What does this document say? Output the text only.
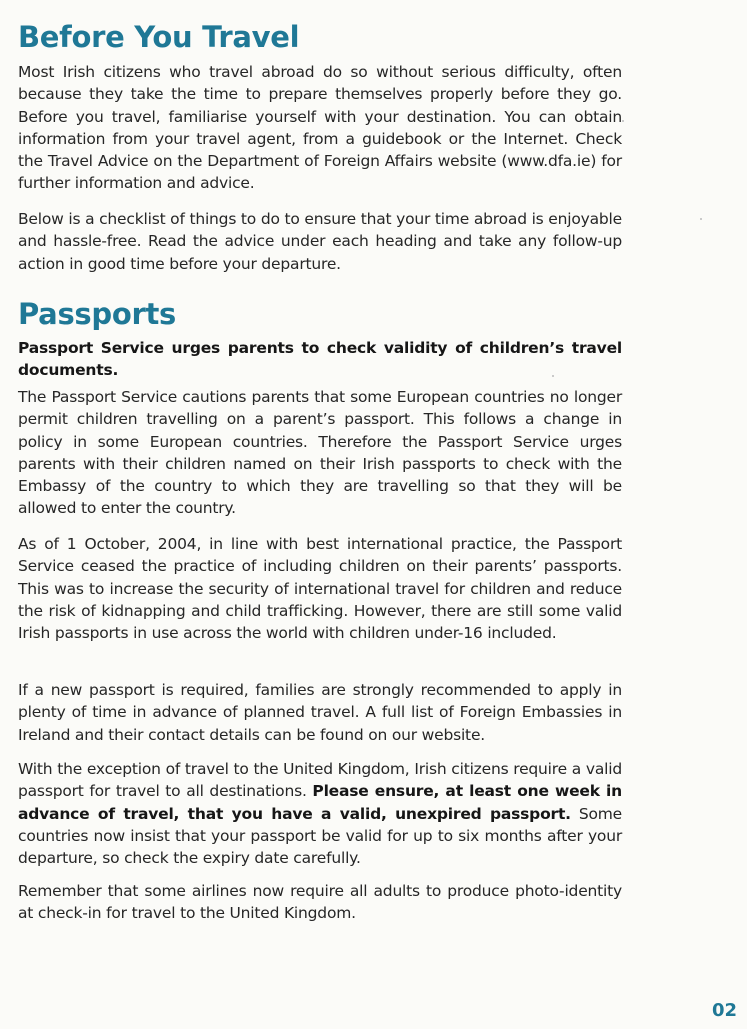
Before You Travel

Most Irish citizens who travel abroad do so without serious difficulty, often because they take the time to prepare themselves properly before they go. Before you travel, familiarise yourself with your destination. You can obtain information from your travel agent, from a guidebook or the Internet. Check the Travel Advice on the Department of Foreign Affairs website (www.dfa.ie) for further information and advice.

Below is a checklist of things to do to ensure that your time abroad is enjoyable and hassle-free. Read the advice under each heading and take any follow-up action in good time before your departure.

Passports

Passport Service urges parents to check validity of children’s travel documents.

The Passport Service cautions parents that some European countries no longer permit children travelling on a parent’s passport. This follows a change in policy in some European countries. Therefore the Passport Service urges parents with their children named on their Irish passports to check with the Embassy of the country to which they are travelling so that they will be allowed to enter the country.

As of 1 October, 2004, in line with best international practice, the Passport Service ceased the practice of including children on their parents’ passports. This was to increase the security of international travel for children and reduce the risk of kidnapping and child trafficking. However, there are still some valid Irish passports in use across the world with children under-16 included.

If a new passport is required, families are strongly recommended to apply in plenty of time in advance of planned travel. A full list of Foreign Embassies in Ireland and their contact details can be found on our website.

With the exception of travel to the United Kingdom, Irish citizens require a valid passport for travel to all destinations. Please ensure, at least one week in advance of travel, that you have a valid, unexpired passport. Some countries now insist that your passport be valid for up to six months after your departure, so check the expiry date carefully.

Remember that some airlines now require all adults to produce photo-identity at check-in for travel to the United Kingdom.

02
